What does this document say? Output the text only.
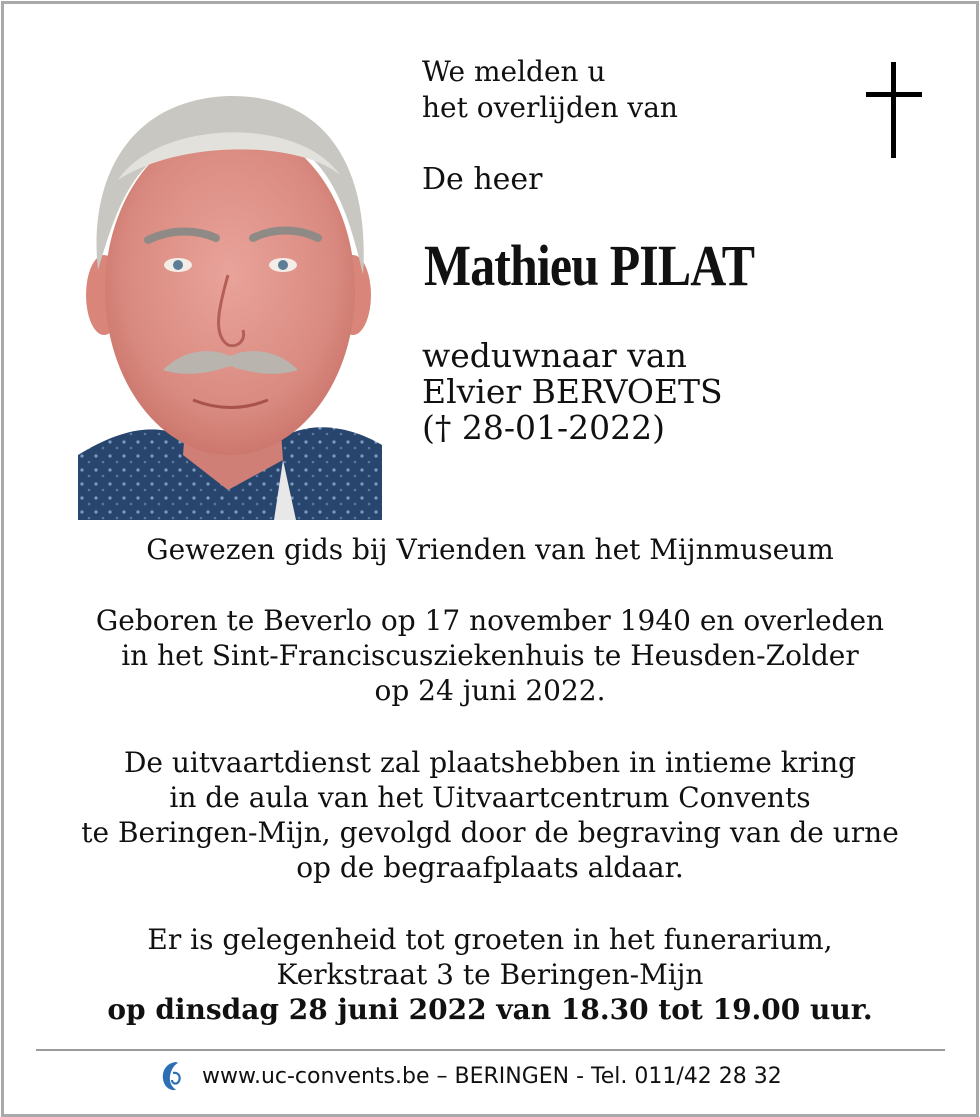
We melden u
het overlijden van
De heer
Mathieu PILAT
weduwnaar van
Elvier BERVOETS
(† 28-01-2022)
Gewezen gids bij Vrienden van het Mijnmuseum
Geboren te Beverlo op 17 november 1940 en overleden
in het Sint-Franciscusziekenhuis te Heusden-Zolder
op 24 juni 2022.
De uitvaartdienst zal plaatshebben in intieme kring
in de aula van het Uitvaartcentrum Convents
te Beringen-Mijn, gevolgd door de begraving van de urne
op de begraafplaats aldaar.
Er is gelegenheid tot groeten in het funerarium,
Kerkstraat 3 te Beringen-Mijn
op dinsdag 28 juni 2022 van 18.30 tot 19.00 uur.
www.uc-convents.be – BERINGEN - Tel. 011/42 28 32
